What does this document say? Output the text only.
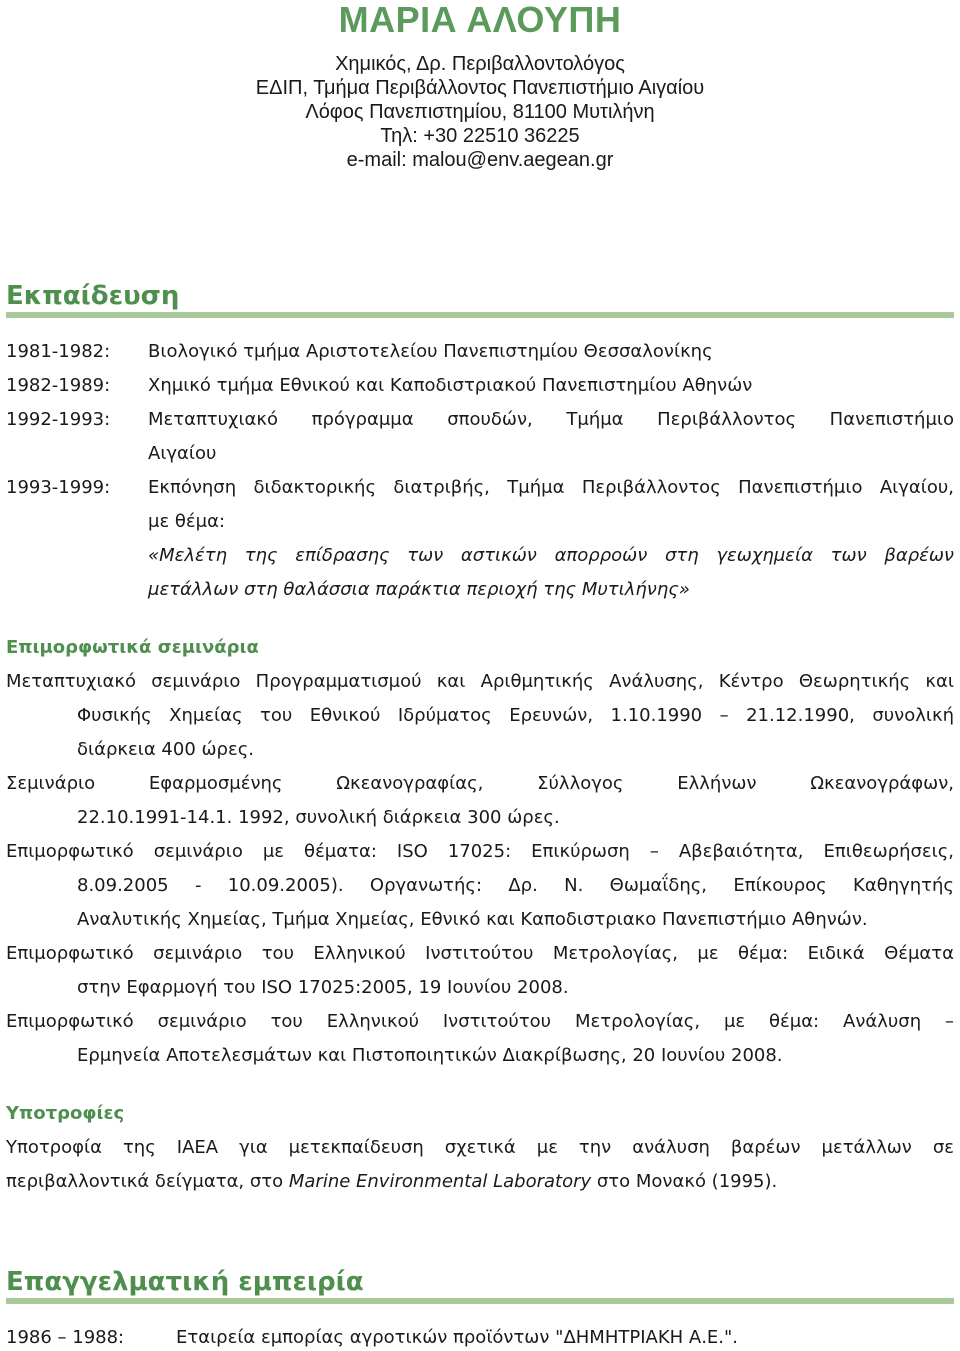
ΜΑΡΙΑ ΑΛΟΥΠΗ
Χημικός, Δρ. Περιβαλλοντολόγος
ΕΔΙΠ, Τμήμα Περιβάλλοντος Πανεπιστήμιο Αιγαίου
Λόφος Πανεπιστημίου, 81100 Μυτιλήνη
Τηλ: +30 22510 36225
e-mail: malou@env.aegean.gr
Εκπαίδευση
1981-1982: Βιολογικό τμήμα Αριστοτελείου Πανεπιστημίου Θεσσαλονίκης
1982-1989: Χημικό τμήμα Εθνικού και Καποδιστριακού Πανεπιστημίου Αθηνών
1992-1993: Μεταπτυχιακό πρόγραμμα σπουδών, Τμήμα Περιβάλλοντος Πανεπιστήμιο
Αιγαίου
1993-1999: Εκπόνηση διδακτορικής διατριβής, Τμήμα Περιβάλλοντος Πανεπιστήμιο Αιγαίου,
με θέμα:
«Μελέτη της επίδρασης των αστικών απορροών στη γεωχημεία των βαρέων
μετάλλων στη θαλάσσια παράκτια περιοχή της Μυτιλήνης»
Επιμορφωτικά σεμινάρια
Μεταπτυχιακό σεμινάριο Προγραμματισμού και Αριθμητικής Ανάλυσης, Κέντρο Θεωρητικής και
Φυσικής Χημείας του Εθνικού Ιδρύματος Ερευνών, 1.10.1990 – 21.12.1990, συνολική
διάρκεια 400 ώρες.
Σεμινάριο Εφαρμοσμένης Ωκεανογραφίας, Σύλλογος Ελλήνων Ωκεανογράφων,
22.10.1991-14.1. 1992, συνολική διάρκεια 300 ώρες.
Επιμορφωτικό σεμινάριο με θέματα: ISO 17025: Επικύρωση – Αβεβαιότητα, Επιθεωρήσεις,
8.09.2005 - 10.09.2005). Οργανωτής: Δρ. Ν. Θωμαΐδης, Επίκουρος Καθηγητής
Αναλυτικής Χημείας, Τμήμα Χημείας, Εθνικό και Καποδιστριακο Πανεπιστήμιο Αθηνών.
Επιμορφωτικό σεμινάριο του Ελληνικού Ινστιτούτου Μετρολογίας, με θέμα: Ειδικά Θέματα
στην Εφαρμογή του ISO 17025:2005, 19 Ιουνίου 2008.
Επιμορφωτικό σεμινάριο του Ελληνικού Ινστιτούτου Μετρολογίας, με θέμα: Ανάλυση –
Ερμηνεία Αποτελεσμάτων και Πιστοποιητικών Διακρίβωσης, 20 Ιουνίου 2008.
Υποτροφίες
Υποτροφία της IAEA για μετεκπαίδευση σχετικά με την ανάλυση βαρέων μετάλλων σε
περιβαλλοντικά δείγματα, στο Marine Environmental Laboratory στο Μονακό (1995).
Επαγγελματική εμπειρία
1986 – 1988:	Εταιρεία εμπορίας αγροτικών προϊόντων "ΔΗΜΗΤΡΙΑΚΗ Α.Ε.".
